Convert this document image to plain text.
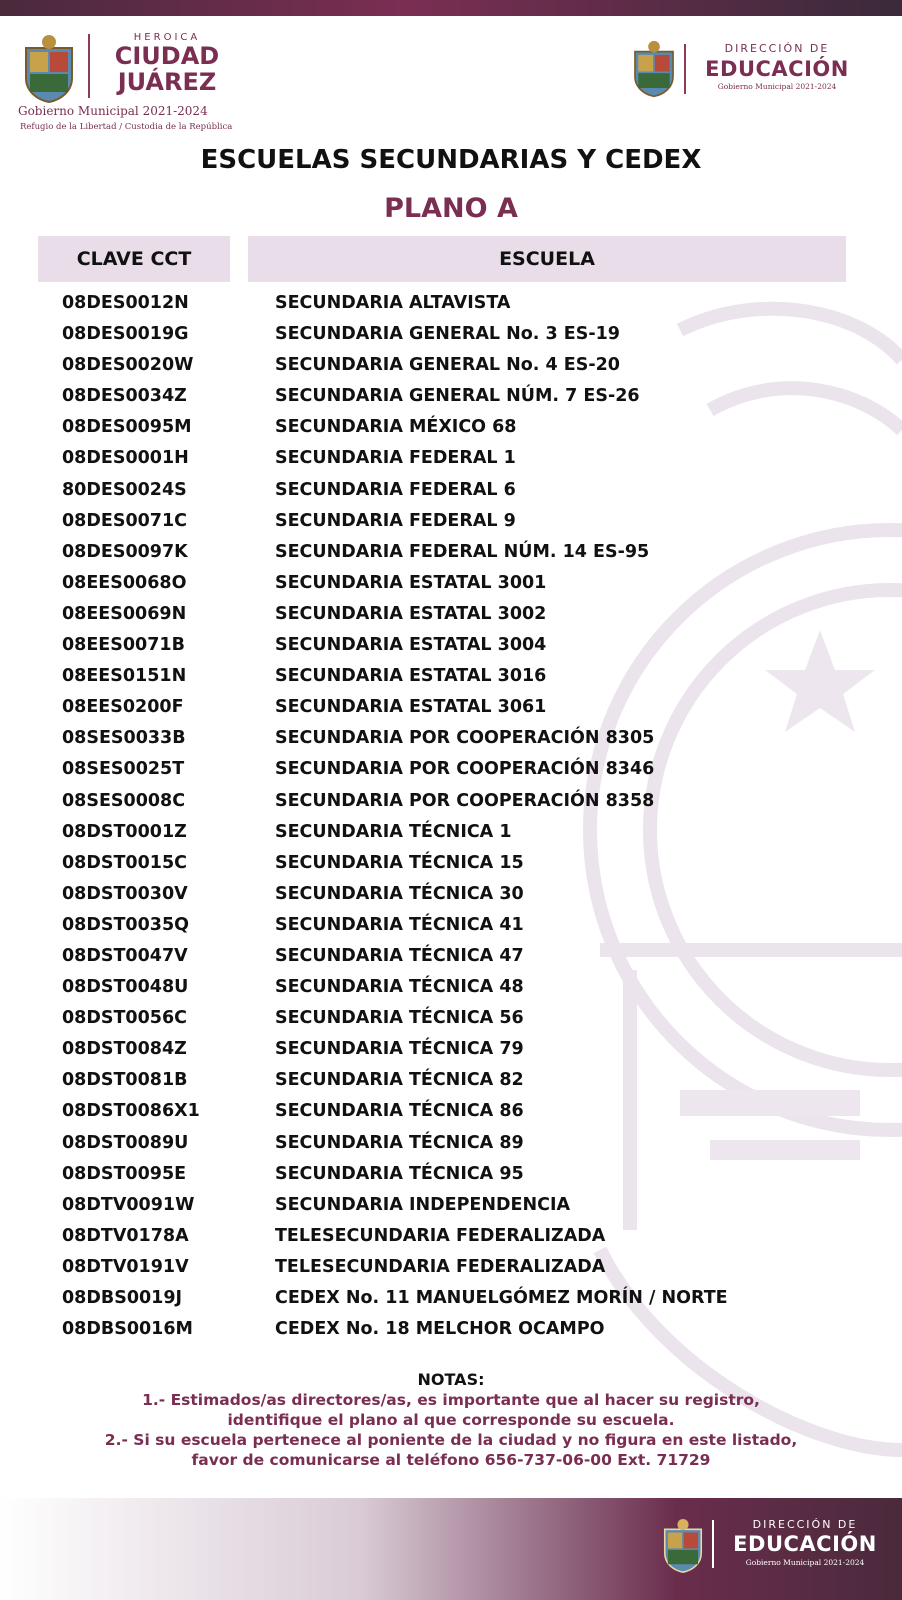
HEROICA
CIUDAD
JUÁREZ
Gobierno Municipal 2021-2024
Refugio de la Libertad / Custodia de la República
DIRECCIÓN DE
EDUCACIÓN
Gobierno Municipal 2021-2024
ESCUELAS SECUNDARIAS Y CEDEX
PLANO A
CLAVE CCT	ESCUELA
08DES0012N	SECUNDARIA ALTAVISTA
08DES0019G	SECUNDARIA GENERAL No. 3 ES-19
08DES0020W	SECUNDARIA GENERAL No. 4 ES-20
08DES0034Z	SECUNDARIA GENERAL NÚM. 7 ES-26
08DES0095M	SECUNDARIA MÉXICO 68
08DES0001H	SECUNDARIA FEDERAL 1
80DES0024S	SECUNDARIA FEDERAL 6
08DES0071C	SECUNDARIA FEDERAL 9
08DES0097K	SECUNDARIA FEDERAL NÚM. 14 ES-95
08EES0068O	SECUNDARIA ESTATAL 3001
08EES0069N	SECUNDARIA ESTATAL 3002
08EES0071B	SECUNDARIA ESTATAL 3004
08EES0151N	SECUNDARIA ESTATAL 3016
08EES0200F	SECUNDARIA ESTATAL 3061
08SES0033B	SECUNDARIA POR COOPERACIÓN 8305
08SES0025T	SECUNDARIA POR COOPERACIÓN 8346
08SES0008C	SECUNDARIA POR COOPERACIÓN 8358
08DST0001Z	SECUNDARIA TÉCNICA 1
08DST0015C	SECUNDARIA TÉCNICA 15
08DST0030V	SECUNDARIA TÉCNICA 30
08DST0035Q	SECUNDARIA TÉCNICA 41
08DST0047V	SECUNDARIA TÉCNICA 47
08DST0048U	SECUNDARIA TÉCNICA 48
08DST0056C	SECUNDARIA TÉCNICA 56
08DST0084Z	SECUNDARIA TÉCNICA 79
08DST0081B	SECUNDARIA TÉCNICA 82
08DST0086X1	SECUNDARIA TÉCNICA 86
08DST0089U	SECUNDARIA TÉCNICA 89
08DST0095E	SECUNDARIA TÉCNICA 95
08DTV0091W	SECUNDARIA INDEPENDENCIA
08DTV0178A	TELESECUNDARIA FEDERALIZADA
08DTV0191V	TELESECUNDARIA FEDERALIZADA
08DBS0019J	CEDEX No. 11 MANUELGÓMEZ MORÍN / NORTE
08DBS0016M	CEDEX No. 18 MELCHOR OCAMPO
NOTAS:
1.- Estimados/as directores/as, es importante que al hacer su registro,
identifique el plano al que corresponde su escuela.
2.- Si su escuela pertenece al poniente de la ciudad y no figura en este listado,
favor de comunicarse al teléfono 656-737-06-00 Ext. 71729
DIRECCIÓN DE
EDUCACIÓN
Gobierno Municipal 2021-2024
